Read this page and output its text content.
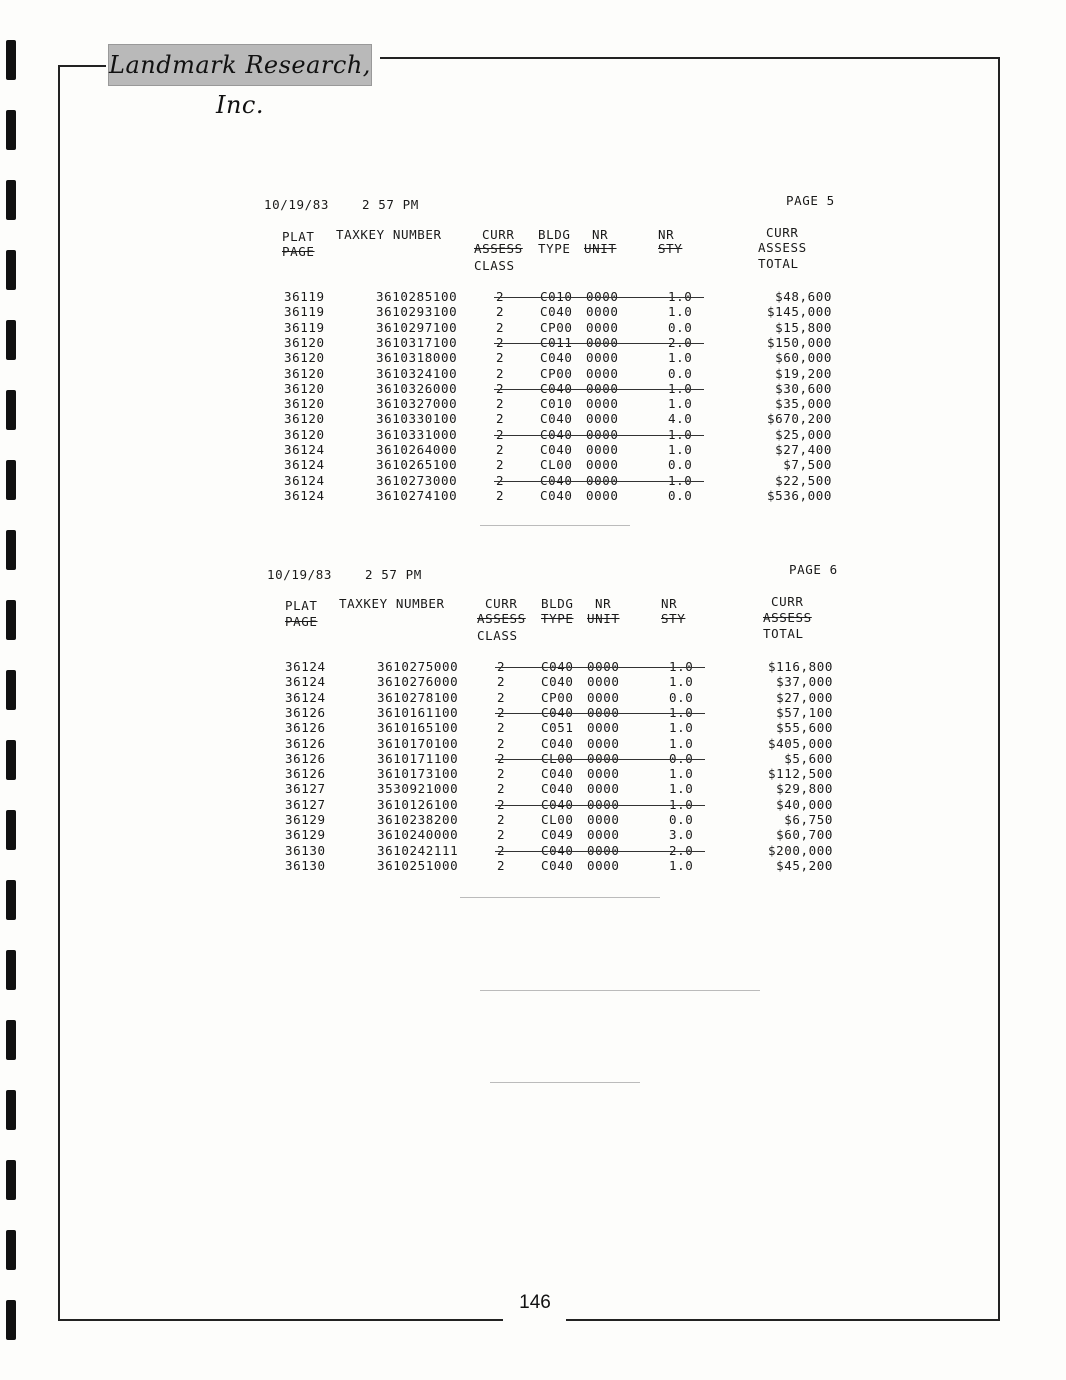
Landmark Research, Inc.
10/19/83	2 57 PM	PAGE 5
PLAT
PAGE
TAXKEY NUMBER	CURR
ASSESS
CLASS
BLDG
TYPE
NR
UNIT
NR
STY
CURR
ASSESS
TOTAL
36119	3610285100	2	C010 0000	1.0	$48,600
36119	3610293100	2	C040 0000	1.0	$145,000
36119	3610297100	2	CP00 0000	0.0	$15,800
36120	3610317100	2	C011 0000	2.0	$150,000
36120	3610318000	2	C040 0000	1.0	$60,000
36120	3610324100	2	CP00 0000	0.0	$19,200
36120	3610326000	2	C040 0000	1.0	$30,600
36120	3610327000	2	C010 0000	1.0	$35,000
36120	3610330100	2	C040 0000	4.0	$670,200
36120	3610331000	2	C040 0000	1.0	$25,000
36124	3610264000	2	C040 0000	1.0	$27,400
36124	3610265100	2	CL00 0000	0.0	$7,500
36124	3610273000	2	C040 0000	1.0	$22,500
36124	3610274100	2	C040 0000	0.0	$536,000
10/19/83	2 57 PM	PAGE 6
PLAT
PAGE
TAXKEY NUMBER	CURR
ASSESS
CLASS
BLDG
TYPE
NR
UNIT
NR
STY
CURR
ASSESS
TOTAL
36124	3610275000	2	C040 0000	1.0	$116,800
36124	3610276000	2	C040 0000	1.0	$37,000
36124	3610278100	2	CP00 0000	0.0	$27,000
36126	3610161100	2	C040 0000	1.0	$57,100
36126	3610165100	2	C051 0000	1.0	$55,600
36126	3610170100	2	C040 0000	1.0	$405,000
36126	3610171100	2	CL00 0000	0.0	$5,600
36126	3610173100	2	C040 0000	1.0	$112,500
36127	3530921000	2	C040 0000	1.0	$29,800
36127	3610126100	2	C040 0000	1.0	$40,000
36129	3610238200	2	CL00 0000	0.0	$6,750
36129	3610240000	2	C049 0000	3.0	$60,700
36130	3610242111	2	C040 0000	2.0	$200,000
36130	3610251000	2	C040 0000	1.0	$45,200
146
